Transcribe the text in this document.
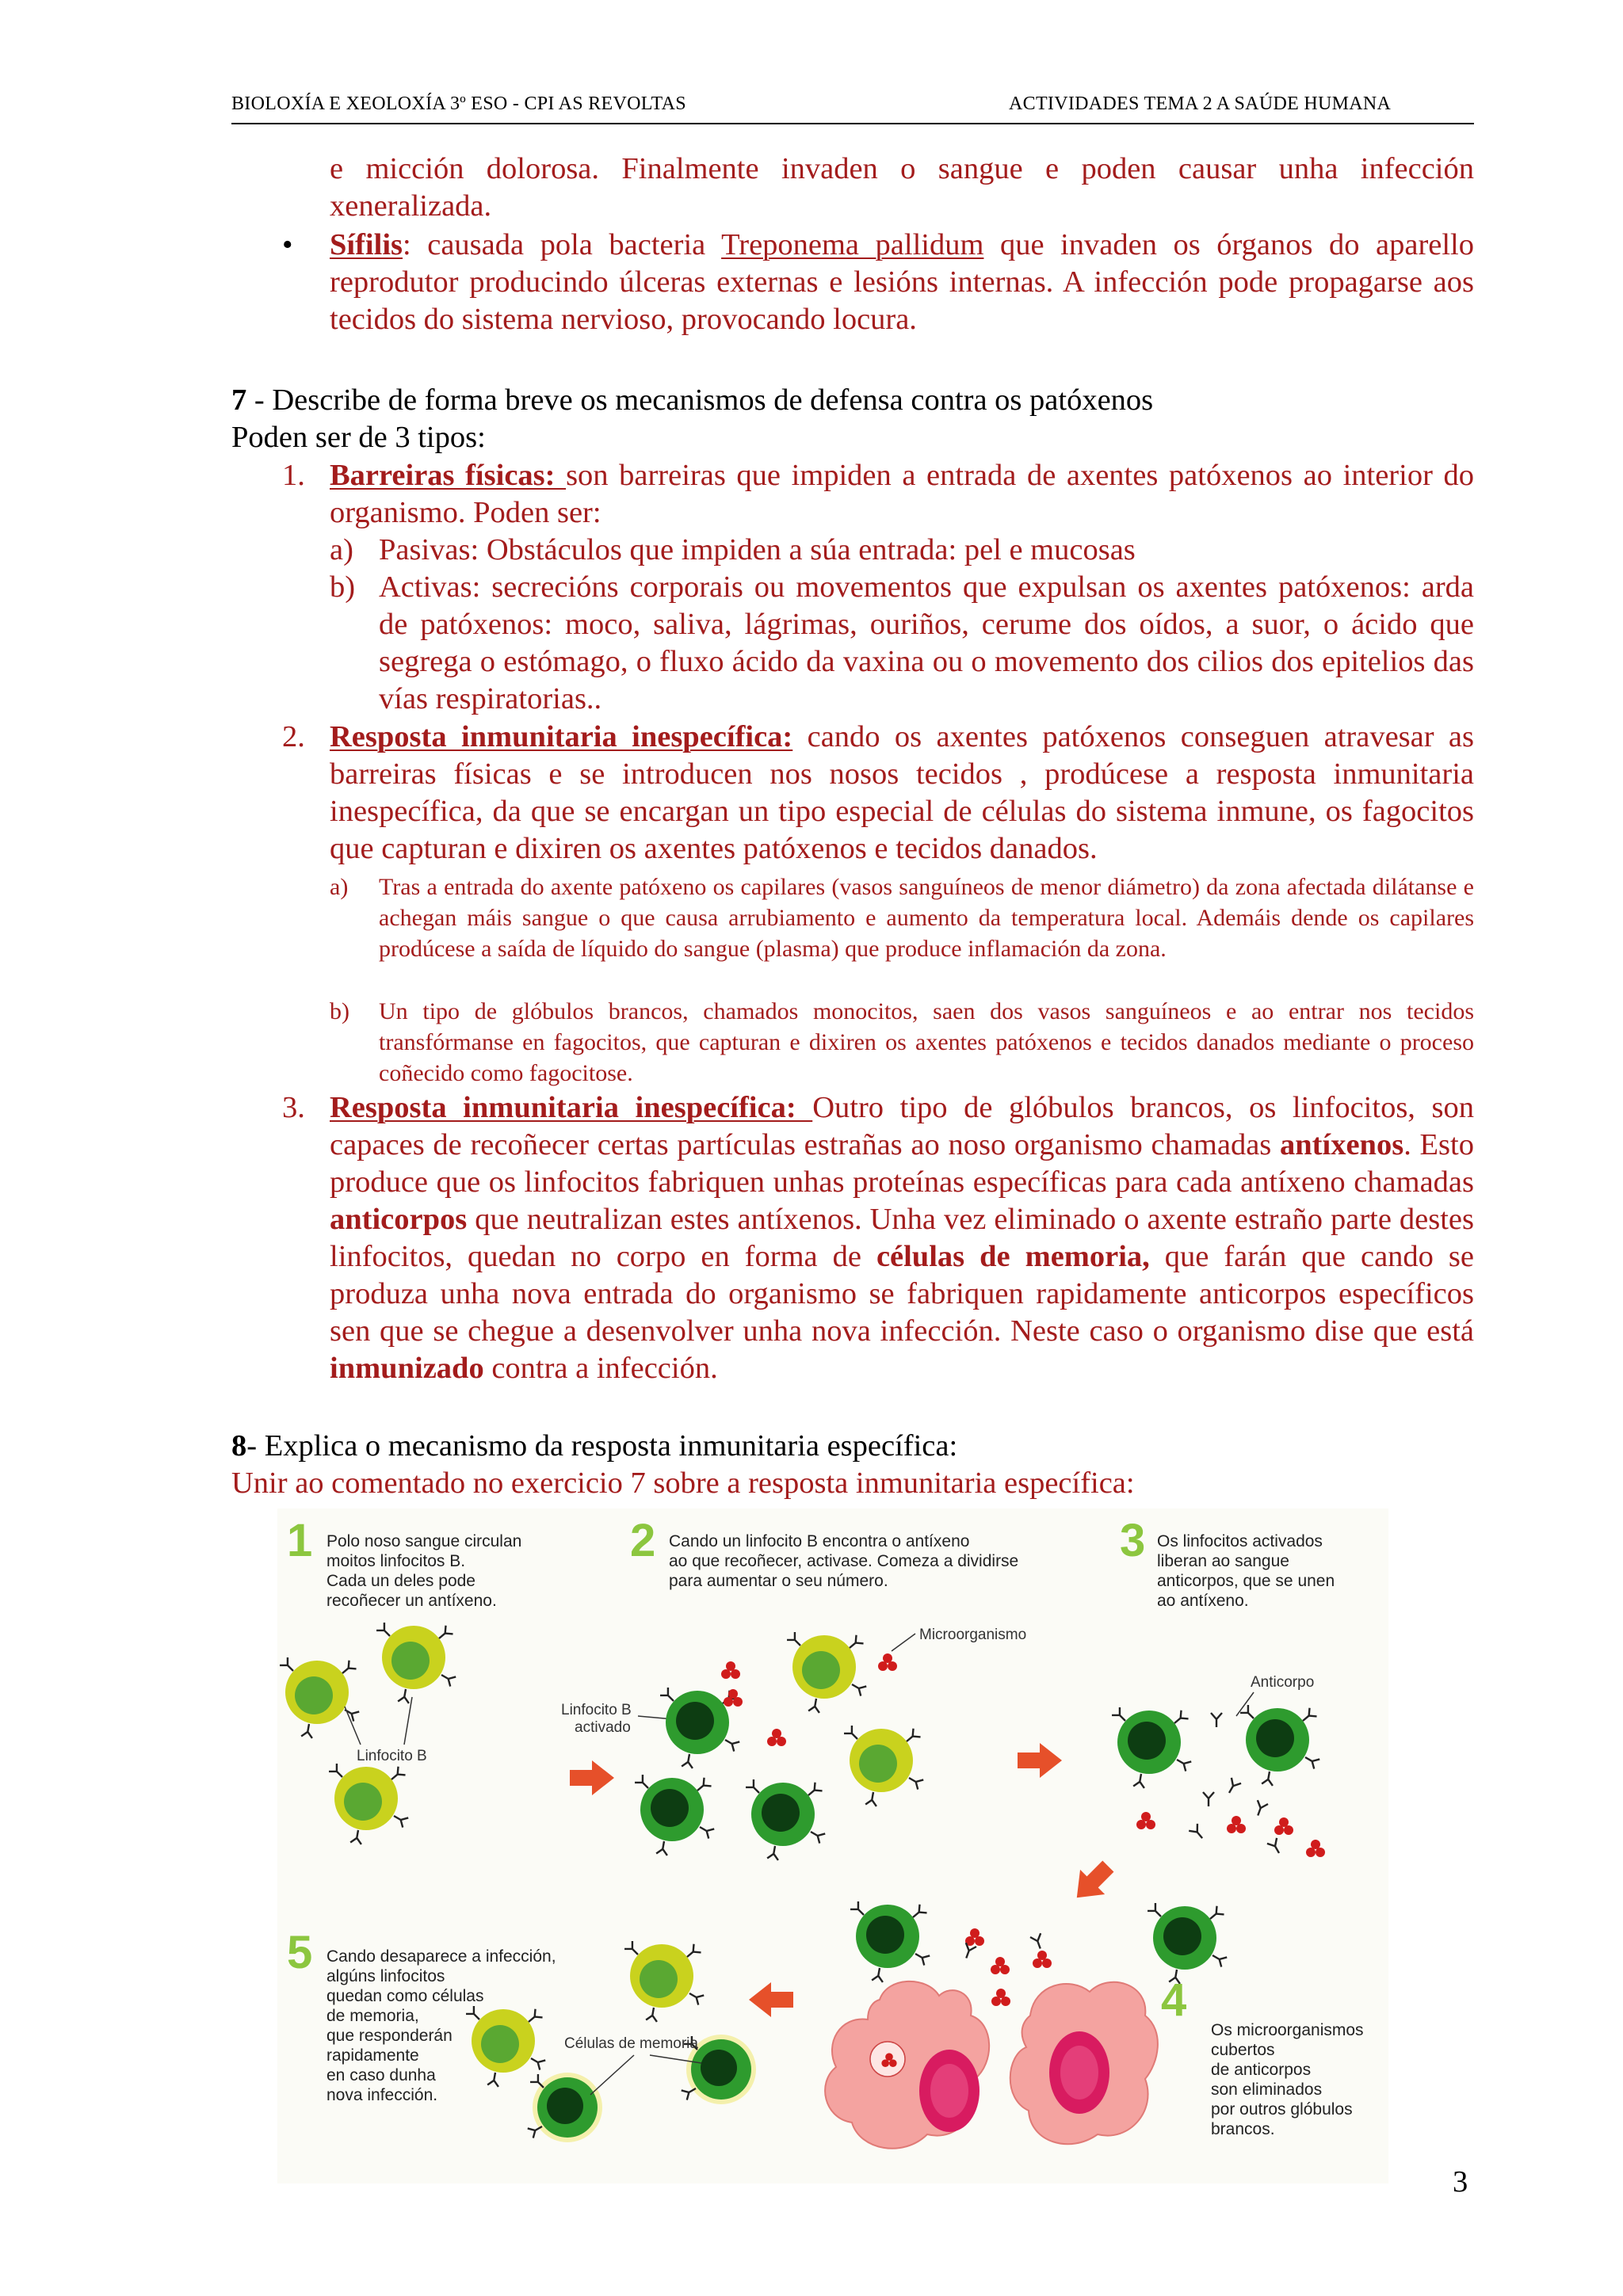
BIOLOXÍA E XEOLOXÍA 3º ESO - CPI AS REVOLTAS	ACTIVIDADES TEMA 2 A SAÚDE HUMANA
e micción dolorosa. Finalmente invaden o sangue e poden causar unha infección xeneralizada.
• Sífilis: causada pola bacteria Treponema pallidum que invaden os órganos do aparello reprodutor producindo úlceras externas e lesións internas. A infección pode propagarse aos tecidos do sistema nervioso, provocando locura.
7 - Describe de forma breve os mecanismos de defensa contra os patóxenos
Poden ser de 3 tipos:
1. Barreiras físicas: son barreiras que impiden a entrada de axentes patóxenos ao interior do organismo. Poden ser:
a) Pasivas: Obstáculos que impiden a súa entrada: pel e mucosas
b) Activas: secrecións corporais ou movementos que expulsan os axentes patóxenos: arda de patóxenos: moco, saliva, lágrimas, ouriños, cerume dos oídos, a suor, o ácido que segrega o estómago, o fluxo ácido da vaxina ou o movemento dos cilios dos epitelios das vías respiratorias..
2. Resposta inmunitaria inespecífica: cando os axentes patóxenos conseguen atravesar as barreiras físicas e se introducen nos nosos tecidos , prodúcese a resposta inmunitaria inespecífica, da que se encargan un tipo especial de células do sistema inmune, os fagocitos que capturan e dixiren os axentes patóxenos e tecidos danados.
a) Tras a entrada do axente patóxeno os capilares (vasos sanguíneos de menor diámetro) da zona afectada dilátanse e achegan máis sangue o que causa arrubiamento e aumento da temperatura local. Ademáis dende os capilares prodúcese a saída de líquido do sangue (plasma) que produce inflamación da zona.
b) Un tipo de glóbulos brancos, chamados monocitos, saen dos vasos sanguíneos e ao entrar nos tecidos transfórmanse en fagocitos, que capturan e dixiren os axentes patóxenos e tecidos danados mediante o proceso coñecido como fagocitose.
3. Resposta inmunitaria inespecífica: Outro tipo de glóbulos brancos, os linfocitos, son capaces de recoñecer certas partículas estrañas ao noso organismo chamadas antíxenos. Esto produce que os linfocitos fabriquen unhas proteínas específicas para cada antíxeno chamadas anticorpos que neutralizan estes antíxenos. Unha vez eliminado o axente estraño parte destes linfocitos, quedan no corpo en forma de células de memoria, que farán que cando se produza unha nova entrada do organismo se fabriquen rapidamente anticorpos específicos sen que se chegue a desenvolver unha nova infección. Neste caso o organismo dise que está inmunizado contra a infección.
8- Explica o mecanismo da resposta inmunitaria específica:
Unir ao comentado no exercicio 7 sobre a resposta inmunitaria específica:
1 Polo noso sangue circulan
moitos linfocitos B.
Cada un deles pode
recoñecer un antíxeno.
Linfocito B
2 Cando un linfocito B encontra o antíxeno
ao que recoñecer, activase. Comeza a dividirse
para aumentar o seu número.
Microorganismo
Linfocito B activado
3 Os linfocitos activados
liberan ao sangue
anticorpos, que se unen
ao antíxeno.
Anticorpo
4
Os microorganismos
cubertos
de anticorpos
son eliminados
por outros glóbulos
brancos.
5 Cando desaparece a infección,
algúns linfocitos
quedan como células
de memoria,
que responderán
rapidamente
en caso dunha
nova infección.
Células de memoria
3
